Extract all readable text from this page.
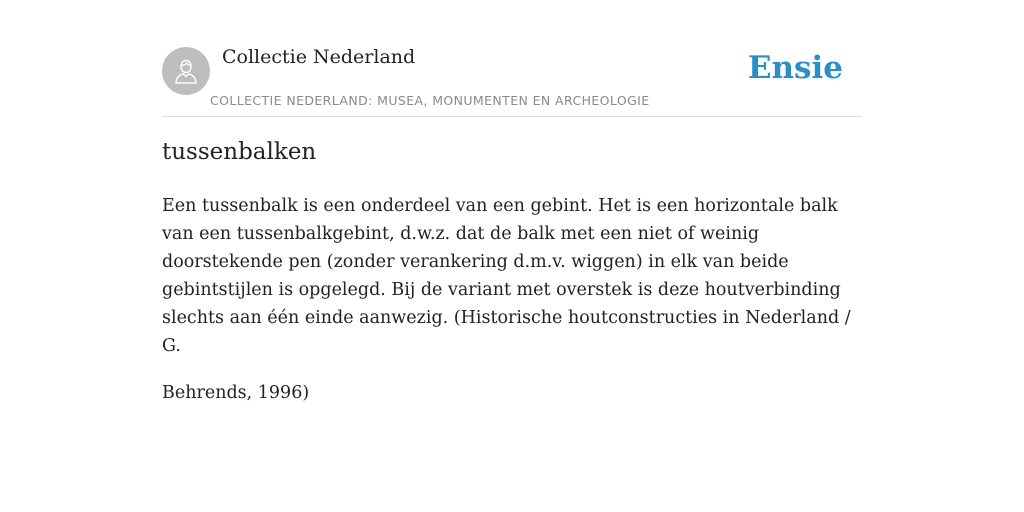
Collectie Nederland
COLLECTIE NEDERLAND: MUSEA, MONUMENTEN EN ARCHEOLOGIE
Ensie
tussenbalken

Een tussenbalk is een onderdeel van een gebint. Het is een horizontale balk van een tussenbalkgebint, d.w.z. dat de balk met een niet of weinig doorstekende pen (zonder verankering d.m.v. wiggen) in elk van beide gebintstijlen is opgelegd. Bij de variant met overstek is deze houtverbinding slechts aan één einde aanwezig. (Historische houtconstructies in Nederland / G.

Behrends, 1996)
